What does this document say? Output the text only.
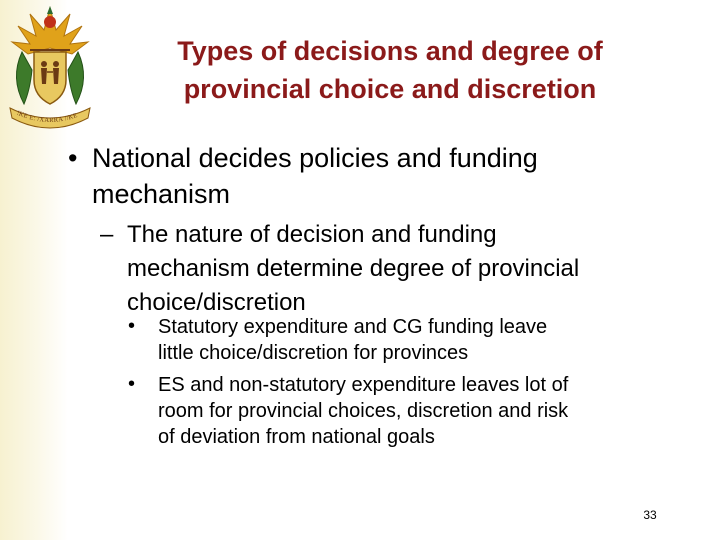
!KE E: /XARRA //KE
Types of decisions and degree of
provincial choice and discretion
• National decides policies and funding
mechanism
– The nature of decision and funding
mechanism determine degree of provincial
choice/discretion
• Statutory expenditure and CG funding leave
little choice/discretion for provinces
• ES and non-statutory expenditure leaves lot of
room for provincial choices, discretion and risk
of deviation from national goals
33
